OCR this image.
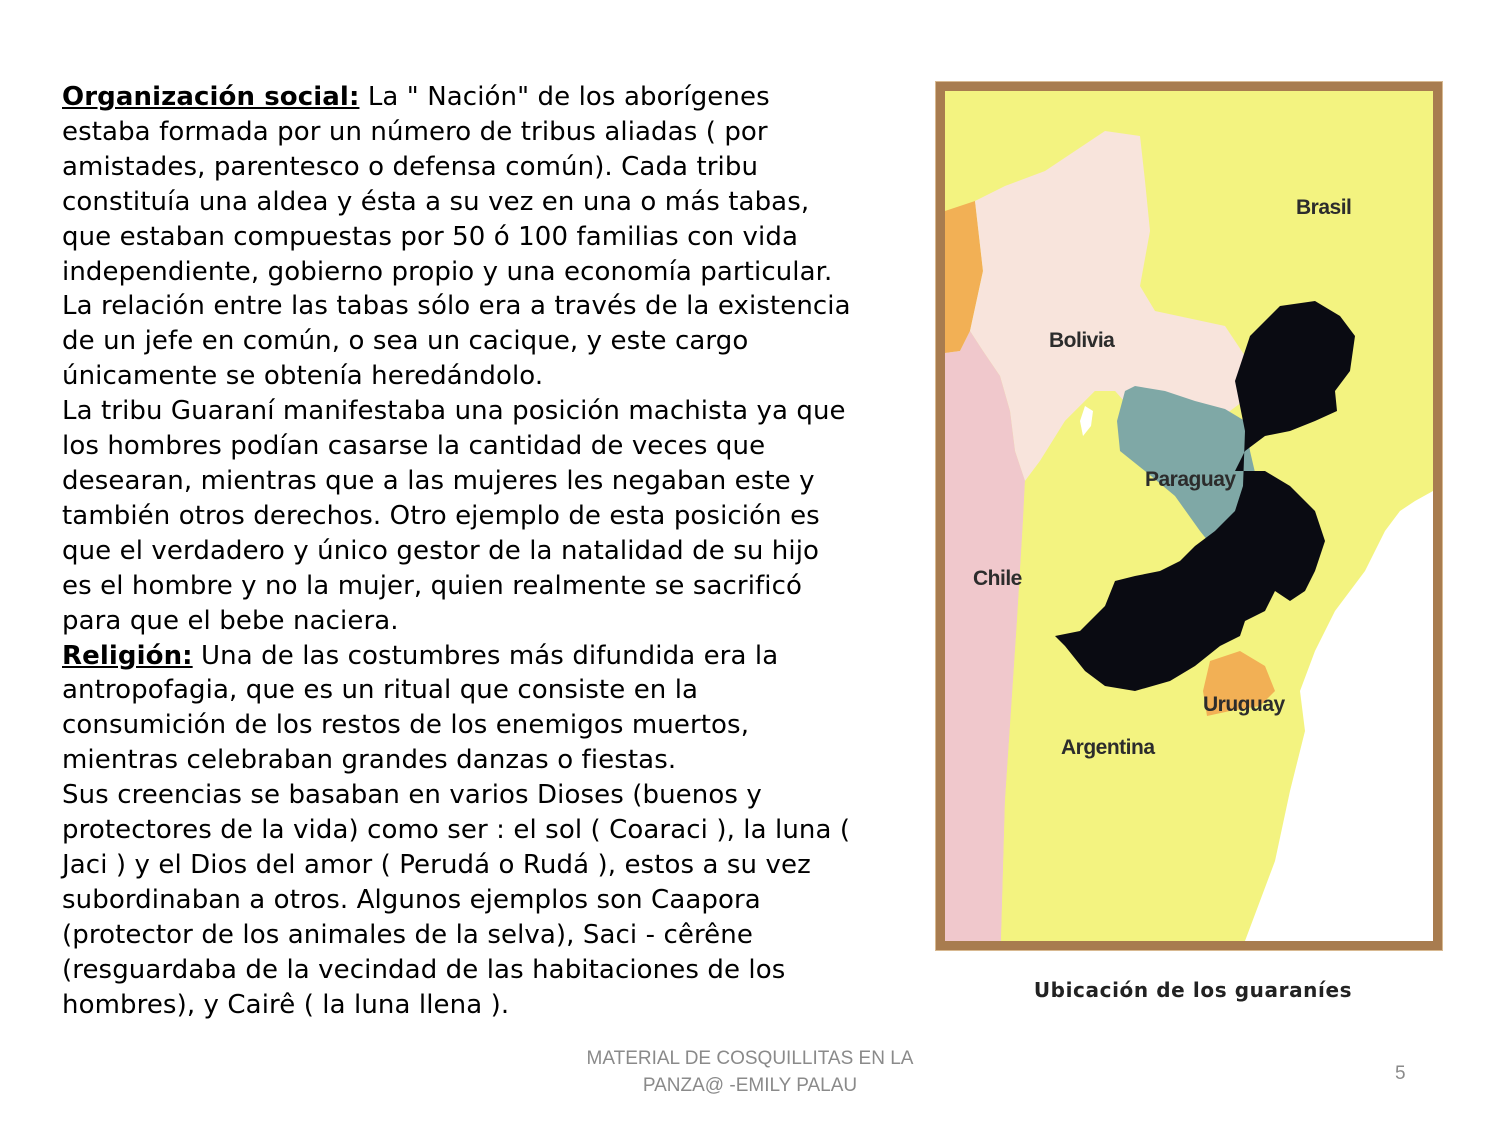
Organización social: La " Nación" de los aborígenes estaba formada por un número de tribus aliadas ( por amistades, parentesco o defensa común). Cada tribu constituía una aldea y ésta a su vez en una o más tabas, que estaban compuestas por 50 ó 100 familias con vida independiente, gobierno propio y una economía particular. La relación entre las tabas sólo era a través de la existencia de un jefe en común, o sea un cacique, y este cargo únicamente se obtenía heredándolo.

La tribu Guaraní manifestaba una posición machista ya que los hombres podían casarse la cantidad de veces que desearan, mientras que a las mujeres les negaban este y también otros derechos. Otro ejemplo de esta posición es que el verdadero y único gestor de la natalidad de su hijo es el hombre y no la mujer, quien realmente se sacrificó para que el bebe naciera.

Religión: Una de las costumbres más difundida era la antropofagia, que es un ritual que consiste en la consumición de los restos de los enemigos muertos, mientras celebraban grandes danzas o fiestas.

Sus creencias se basaban en varios Dioses (buenos y protectores de la vida) como ser : el sol ( Coaraci ), la luna ( Jaci ) y el Dios del amor ( Perudá o Rudá ), estos a su vez subordinaban a otros. Algunos ejemplos son Caapora (protector de los animales de la selva), Saci - cêrêne (resguardaba de la vecindad de las habitaciones de los hombres), y Cairê ( la luna llena ).

Brasil
Bolivia
Paraguay
Chile
Uruguay
Argentina
Ubicación de los guaraníes
MATERIAL DE COSQUILLITAS EN LA
PANZA@ -EMILY PALAU
5
